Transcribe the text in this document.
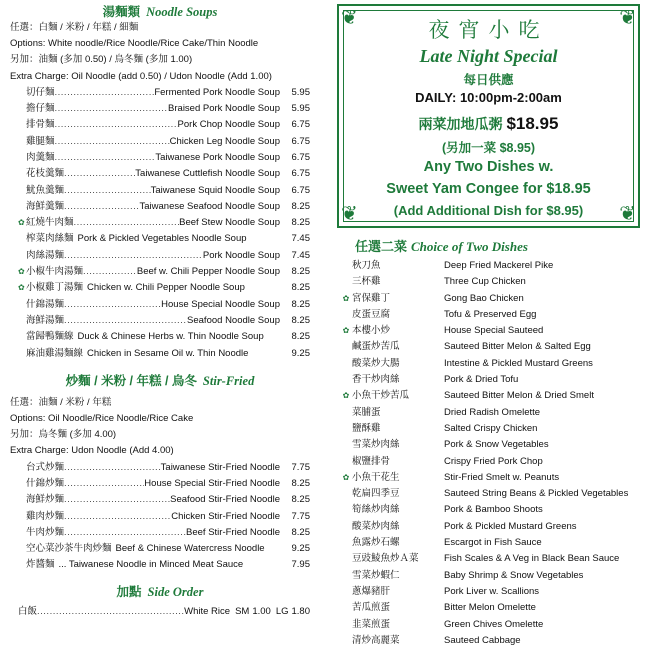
湯麵類 Noodle Soups
任選：白麵 / 米粉 / 年糕 / 細麵
Options: White noodle/Rice Noodle/Rice Cake/Thin Noodle
另加：油麵 (多加 0.50) / 烏冬麵 (多加 1.00)
Extra Charge: Oil Noodle (add 0.50) / Udon Noodle (Add 1.00)
切仔麵 .....	Fermented Pork Noodle Soup	5.95
擔仔麵 .....	Braised Pork Noodle Soup	5.95
排骨麵 .....	Pork Chop Noodle Soup	6.75
雞腿麵 .....	Chicken Leg Noodle Soup	6.75
肉羹麵 .....	Taiwanese Pork Noodle Soup	6.75
花枝羹麵 .....	Taiwanese Cuttlefish Noodle Soup	6.75
魷魚羹麵 .....	Taiwanese Squid Noodle Soup	6.75
海鮮羹麵 .....	Taiwanese Seafood Noodle Soup	8.25
✿ 紅燒牛肉麵 .....	Beef Stew Noodle Soup	8.25
榨菜肉絲麵 Pork & Pickled Vegetables Noodle Soup	7.45
肉絲湯麵 .....	Pork Noodle Soup	7.45
✿ 小椒牛肉湯麵 .....	Beef w. Chili Pepper Noodle Soup	8.25
✿ 小椒雞丁湯麵 Chicken w. Chili Pepper Noodle Soup	8.25
什錦湯麵 .....	House Special Noodle Soup	8.25
海鮮湯麵 .....	Seafood Noodle Soup	8.25
當歸鴨麵線 Duck & Chinese Herbs w. Thin Noodle Soup	8.25
麻油雞湯麵線 Chicken in Sesame Oil w. Thin Noodle	9.25
炒麵 / 米粉 / 年糕 / 烏冬 Stir-Fried
任選：油麵 / 米粉 / 年糕
Options: Oil Noodle/Rice Noodle/Rice Cake
另加：烏冬麵 (多加 4.00)
Extra Charge: Udon Noodle (Add 4.00)
台式炒麵 .....	Taiwanese Stir-Fried Noodle	7.75
什錦炒麵 .....	House Special Stir-Fried Noodle	8.25
海鮮炒麵 .....	Seafood Stir-Fried Noodle	8.25
雞肉炒麵 .....	Chicken Stir-Fried Noodle	7.75
牛肉炒麵 .....	Beef Stir-Fried Noodle	8.25
空心菜沙茶牛肉炒麵 Beef & Chinese Watercress Noodle	9.25
炸醬麵 ... Taiwanese Noodle in Minced Meat Sauce	7.95
加點 Side Order
白飯 .....	White Rice SM 1.00 LG 1.80
❦	❦
❦	❦
夜宵小吃
Late Night Special
每日供應
DAILY: 10:00pm-2:00am
兩菜加地瓜粥 $18.95
(另加一菜 $8.95)
Any Two Dishes w.
Sweet Yam Congee for $18.95
(Add Additional Dish for $8.95)
任選二菜 Choice of Two Dishes
秋刀魚	Deep Fried Mackerel Pike
三杯雞	Three Cup Chicken
✿ 宮保雞丁	Gong Bao Chicken
皮蛋豆腐	Tofu & Preserved Egg
✿ 本樓小炒	House Special Sauteed
鹹蛋炒苦瓜	Sauteed Bitter Melon & Salted Egg
酸菜炒大腸	Intestine & Pickled Mustard Greens
香干炒肉絲	Pork & Dried Tofu
✿ 小魚干炒苦瓜	Sauteed Bitter Melon & Dried Smelt
菜脯蛋	Dried Radish Omelette
鹽酥雞	Salted Crispy Chicken
雪菜炒肉絲	Pork & Snow Vegetables
椒鹽排骨	Crispy Fried Pork Chop
✿ 小魚干花生	Stir-Fried Smelt w. Peanuts
乾扁四季豆	Sauteed String Beans & Pickled Vegetables
筍絲炒肉絲	Pork & Bamboo Shoots
酸菜炒肉絲	Pork & Pickled Mustard Greens
魚露炒石螺	Escargot in Fish Sauce
豆豉鯪魚炒Ａ菜	Fish Scales & A Veg in Black Bean Sauce
雪菜炒蝦仁	Baby Shrimp & Snow Vegetables
蔥爆豬肝	Pork Liver w. Scallions
苦瓜煎蛋	Bitter Melon Omelette
韭菜煎蛋	Green Chives Omelette
清炒高麗菜	Sauteed Cabbage
